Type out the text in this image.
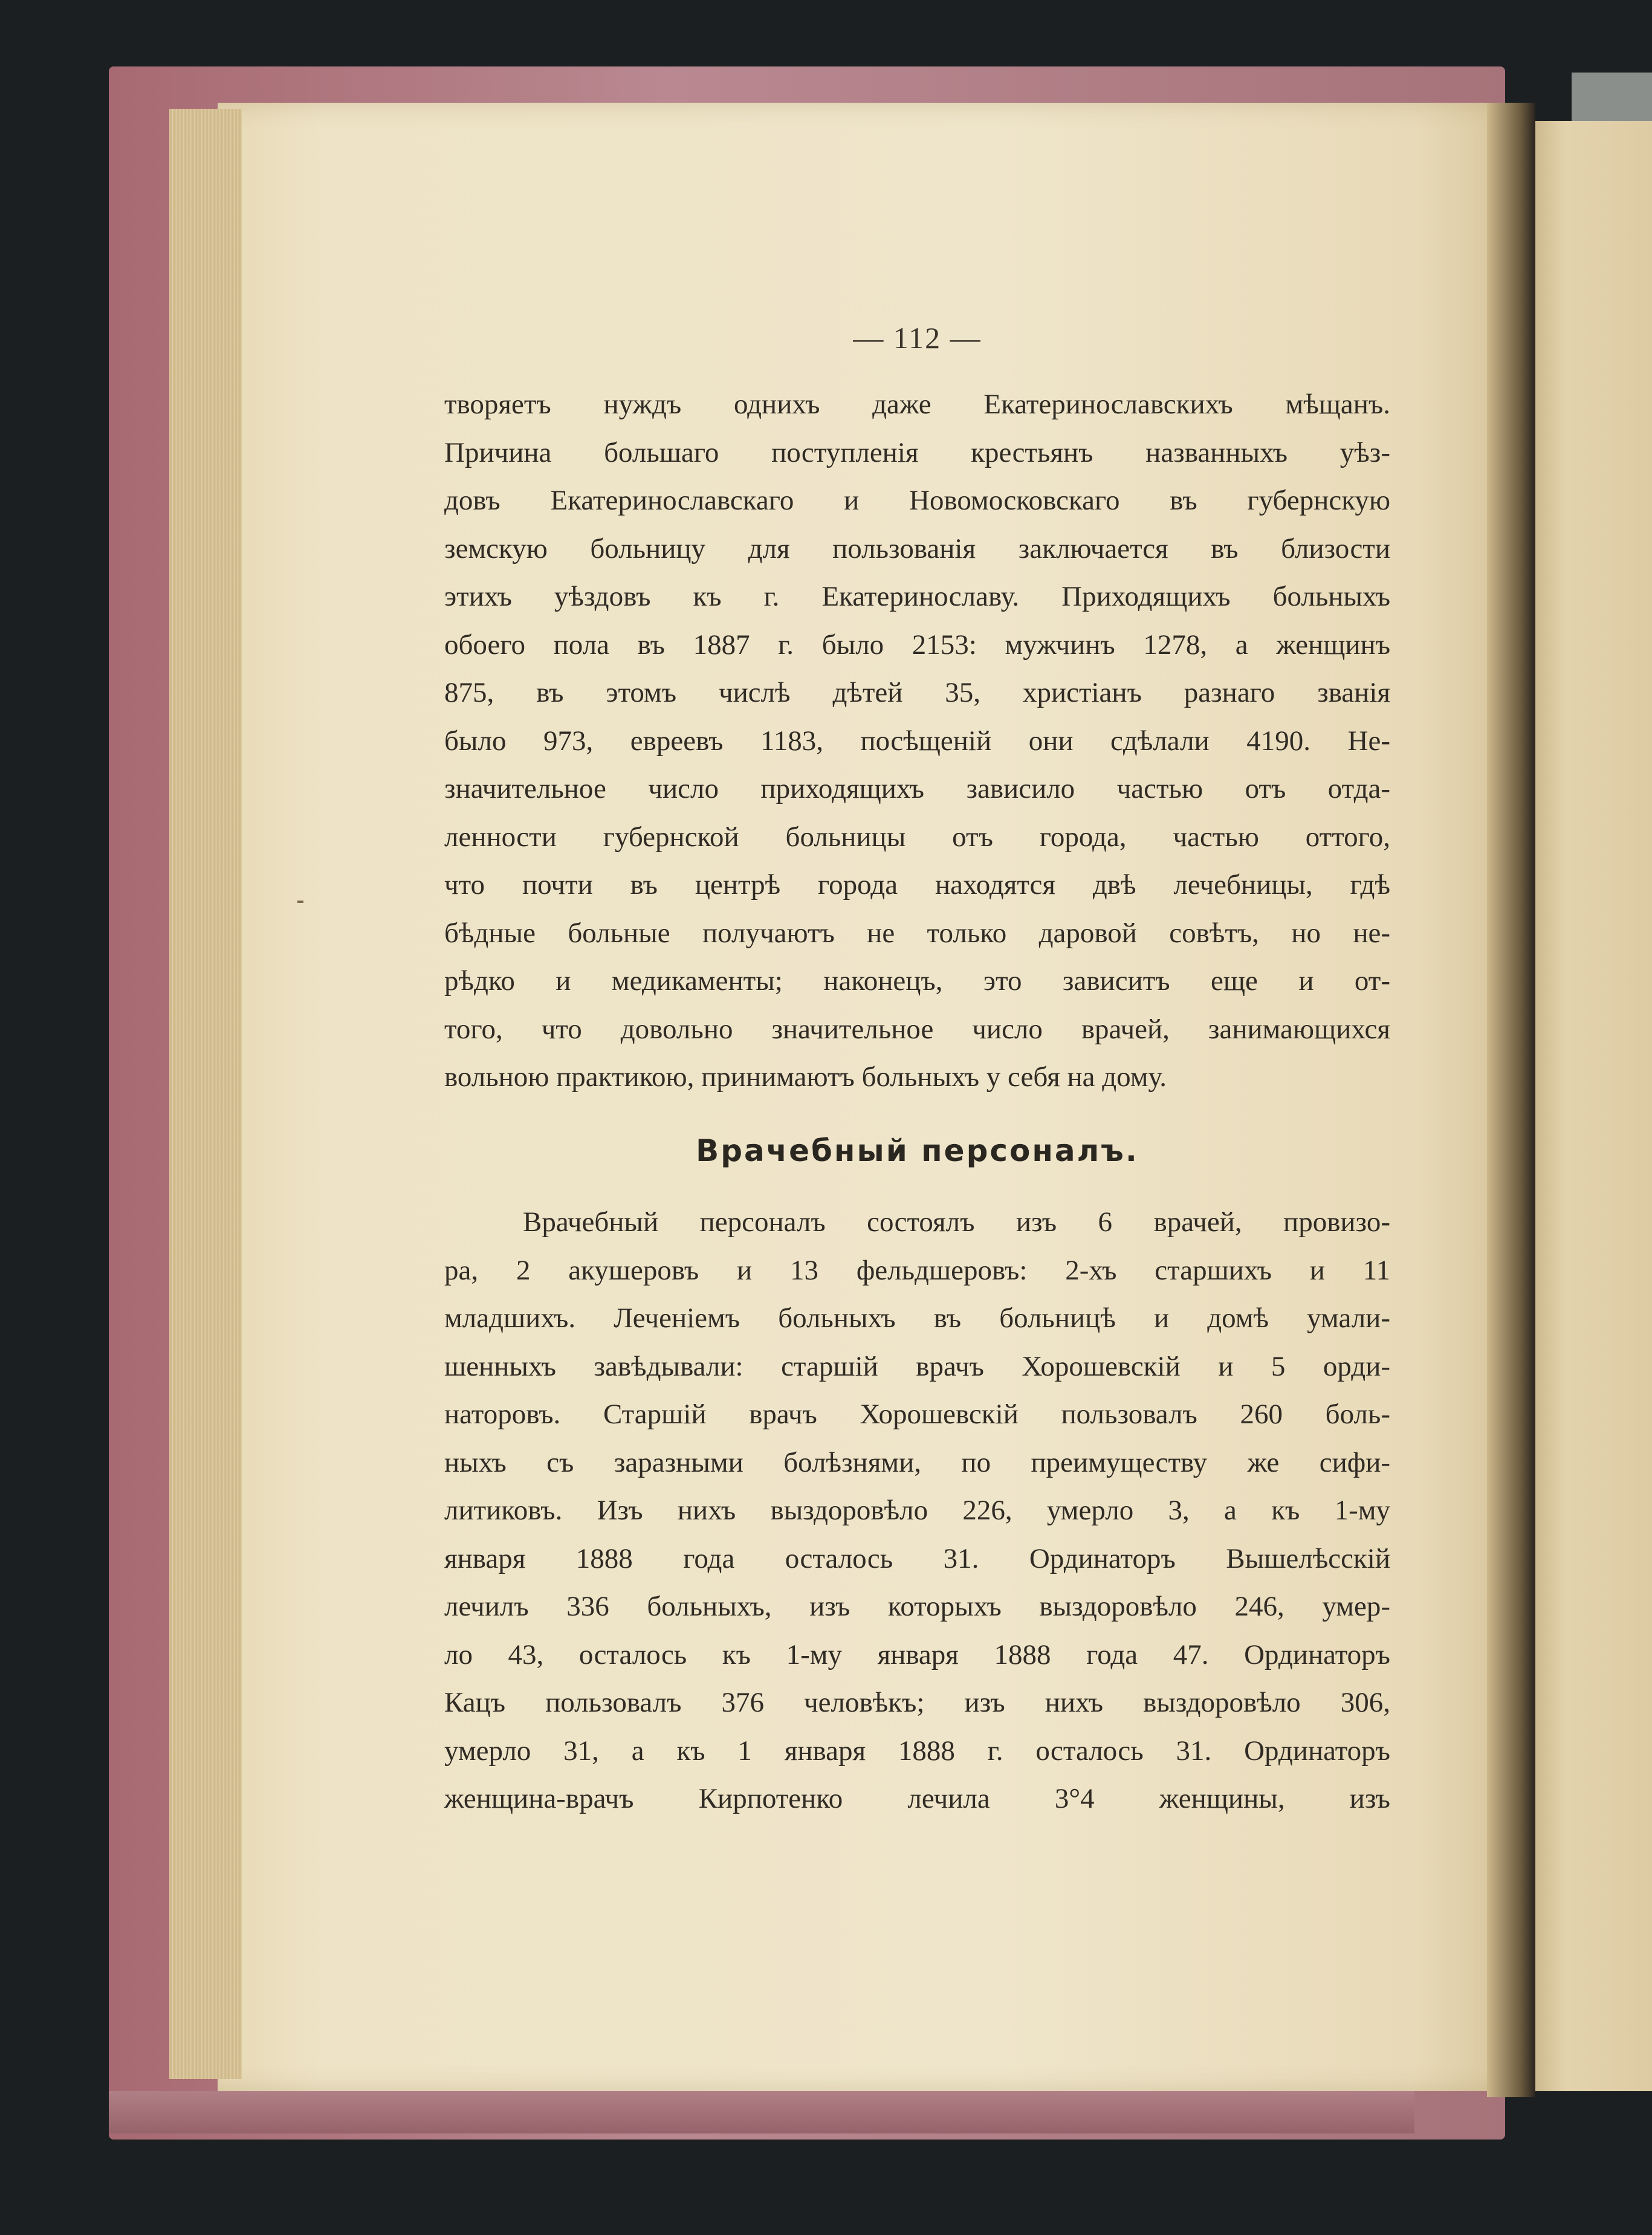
— 112 —
творяетъ нуждъ однихъ даже Екатеринославскихъ мѣщанъ.
Причина большаго поступленія крестьянъ названныхъ уѣз-
довъ Екатеринославскаго и Новомосковскаго въ губернскую
земскую больницу для пользованія заключается въ близости
этихъ уѣздовъ къ г. Екатеринославу. Приходящихъ больныхъ
обоего пола въ 1887 г. было 2153: мужчинъ 1278, а женщинъ
875, въ этомъ числѣ дѣтей 35, христіанъ разнаго званія
было 973, евреевъ 1183, посѣщеній они сдѣлали 4190. Не-
значительное число приходящихъ зависило частью отъ отда-
ленности губернской больницы отъ города, частью оттого,
что почти въ центрѣ города находятся двѣ лечебницы, гдѣ
бѣдные больные получаютъ не только даровой совѣтъ, но не-
рѣдко и медикаменты; наконецъ, это зависитъ еще и от-
того, что довольно значительное число врачей, занимающихся
вольною практикою, принимаютъ больныхъ у себя на дому.
Врачебный персоналъ.
Врачебный персоналъ состоялъ изъ 6 врачей, провизо-
ра, 2 акушеровъ и 13 фельдшеровъ: 2-хъ старшихъ и 11
младшихъ. Леченіемъ больныхъ въ больницѣ и домѣ умали-
шенныхъ завѣдывали: старшій врачъ Хорошевскій и 5 орди-
наторовъ. Старшій врачъ Хорошевскій пользовалъ 260 боль-
ныхъ съ заразными болѣзнями, по преимуществу же сифи-
литиковъ. Изъ нихъ выздоровѣло 226, умерло 3, а къ 1-му
января 1888 года осталось 31. Ординаторъ Вышелѣсскій
лечилъ 336 больныхъ, изъ которыхъ выздоровѣло 246, умер-
ло 43, осталось къ 1-му января 1888 года 47. Ординаторъ
Кацъ пользовалъ 376 человѣкъ; изъ нихъ выздоровѣло 306,
умерло 31, а къ 1 января 1888 г. осталось 31. Ординаторъ
женщина-врачъ Кирпотенко лечила 3°4 женщины, изъ
